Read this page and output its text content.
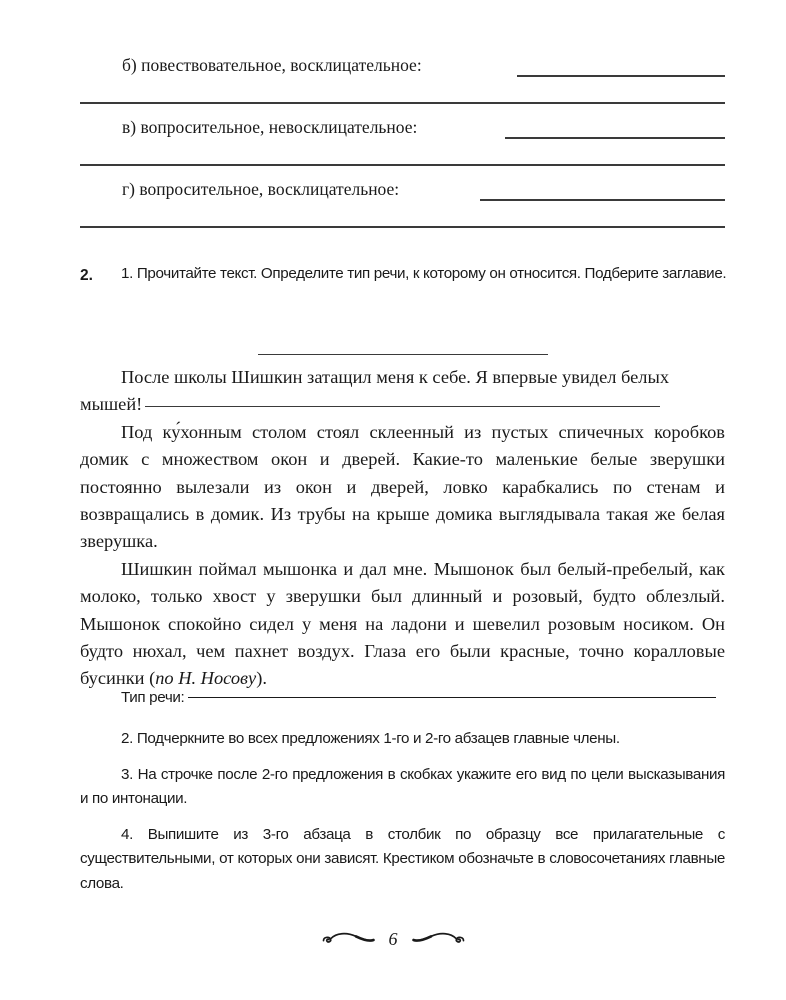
б) повествовательное, восклицательное:
в) вопросительное, невосклицательное:
г) вопросительное, восклицательное:
2. 1. Прочитайте текст. Определите тип речи, к которому он относится. Подберите заглавие.

После школы Шишкин затащил меня к себе. Я впервые увидел белых мышей!

Под ку́хонным столом стоял склеенный из пустых спичечных коробков домик с множеством окон и дверей. Какие-то маленькие белые зверушки постоянно вылезали из окон и дверей, ловко карабкались по стенам и возвращались в домик. Из трубы на крыше домика выглядывала такая же белая зверушка.

Шишкин поймал мышонка и дал мне. Мышонок был белый-пребелый, как молоко, только хвост у зверушки был длинный и розовый, будто облезлый. Мышонок спокойно сидел у меня на ладони и шевелил розовым носиком. Он будто нюхал, чем пахнет воздух. Глаза его были красные, точно коралловые бусинки (по Н. Носову).

Тип речи:
2. Подчеркните во всех предложениях 1-го и 2-го абзацев главные члены.
3. На строчке после 2-го предложения в скобках укажите его вид по цели высказывания и по интонации.
4. Выпишите из 3-го абзаца в столбик по образцу все прилагательные с существительными, от которых они зависят. Крестиком обозначьте в словосочетаниях главные слова.
6
